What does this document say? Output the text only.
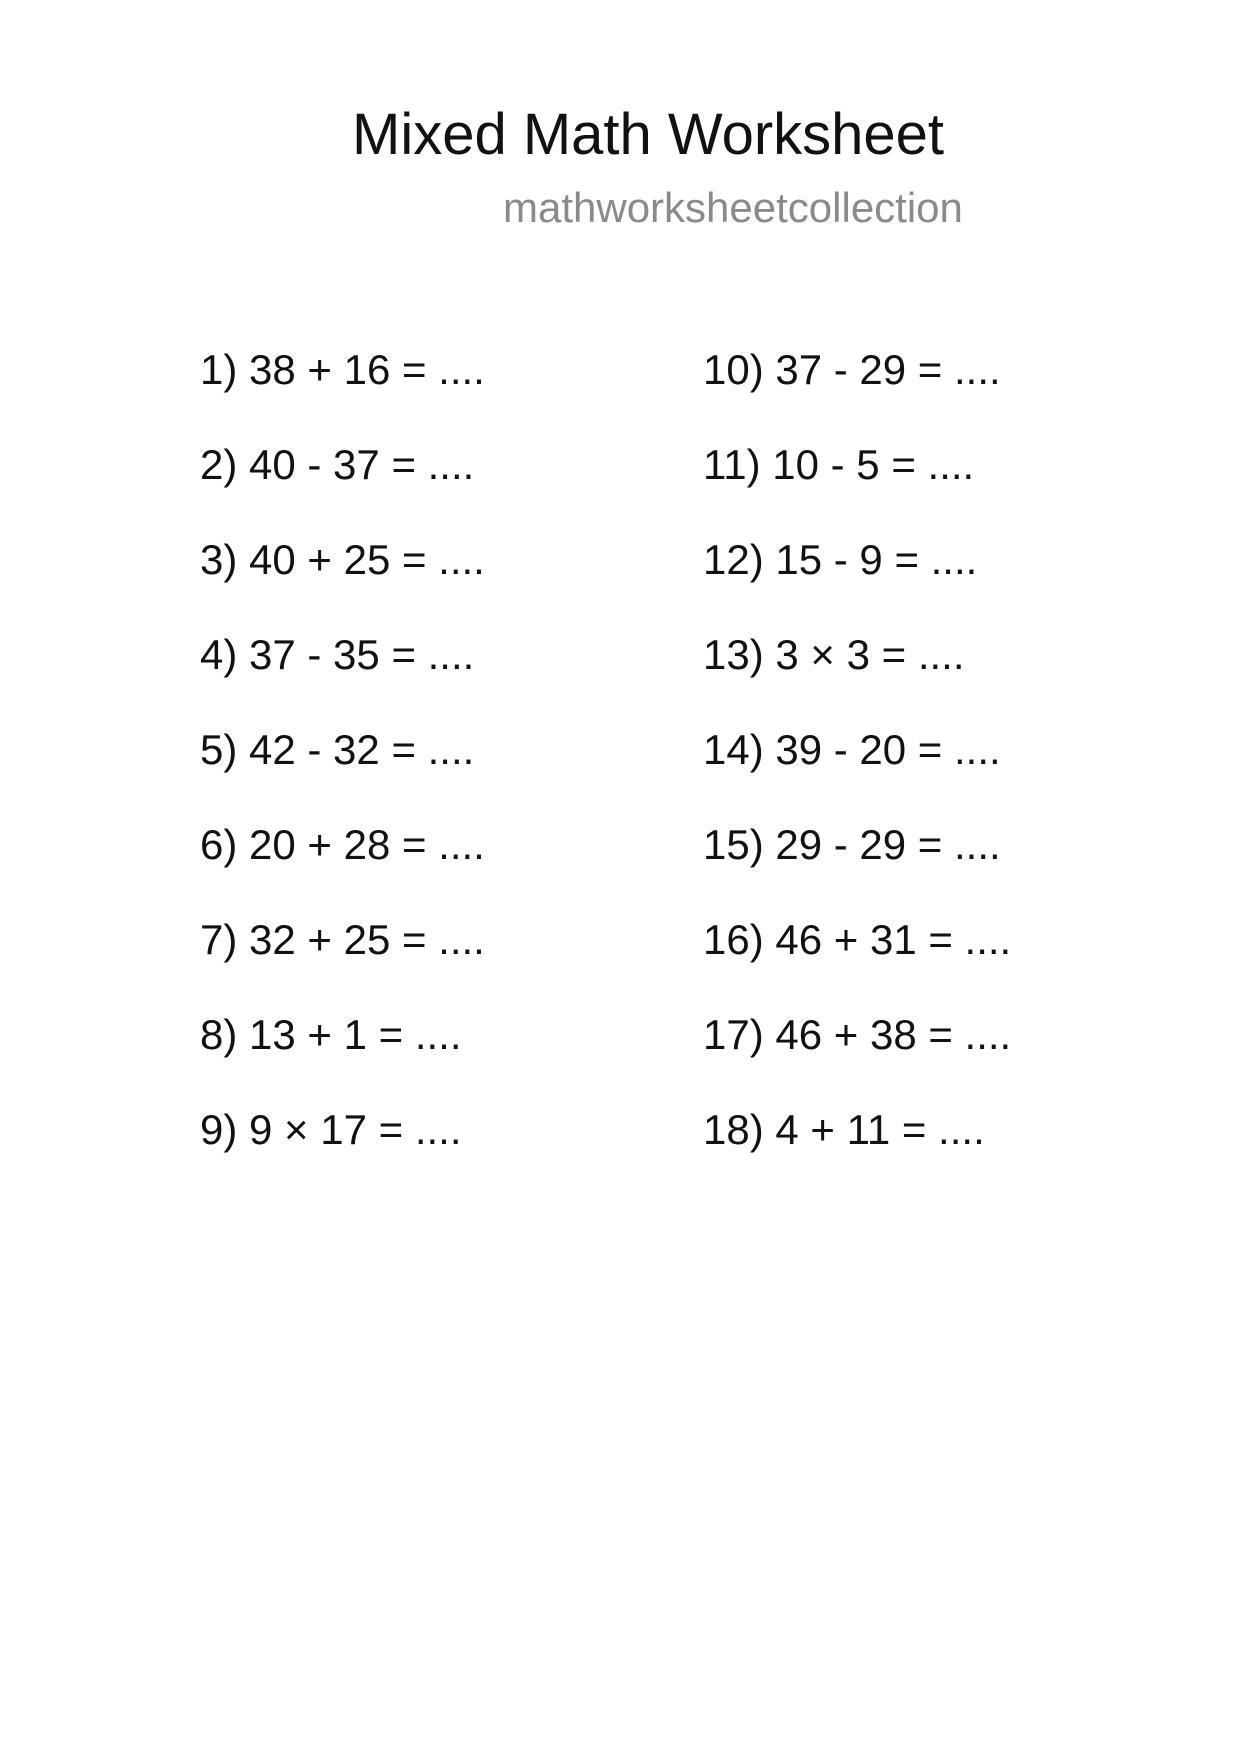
Mixed Math Worksheet
mathworksheetcollection
1) 38 + 16 = ....
2) 40 - 37 = ....
3) 40 + 25 = ....
4) 37 - 35 = ....
5) 42 - 32 = ....
6) 20 + 28 = ....
7) 32 + 25 = ....
8) 13 + 1 = ....
9) 9 × 17 = ....
10) 37 - 29 = ....
11) 10 - 5 = ....
12) 15 - 9 = ....
13) 3 × 3 = ....
14) 39 - 20 = ....
15) 29 - 29 = ....
16) 46 + 31 = ....
17) 46 + 38 = ....
18) 4 + 11 = ....
